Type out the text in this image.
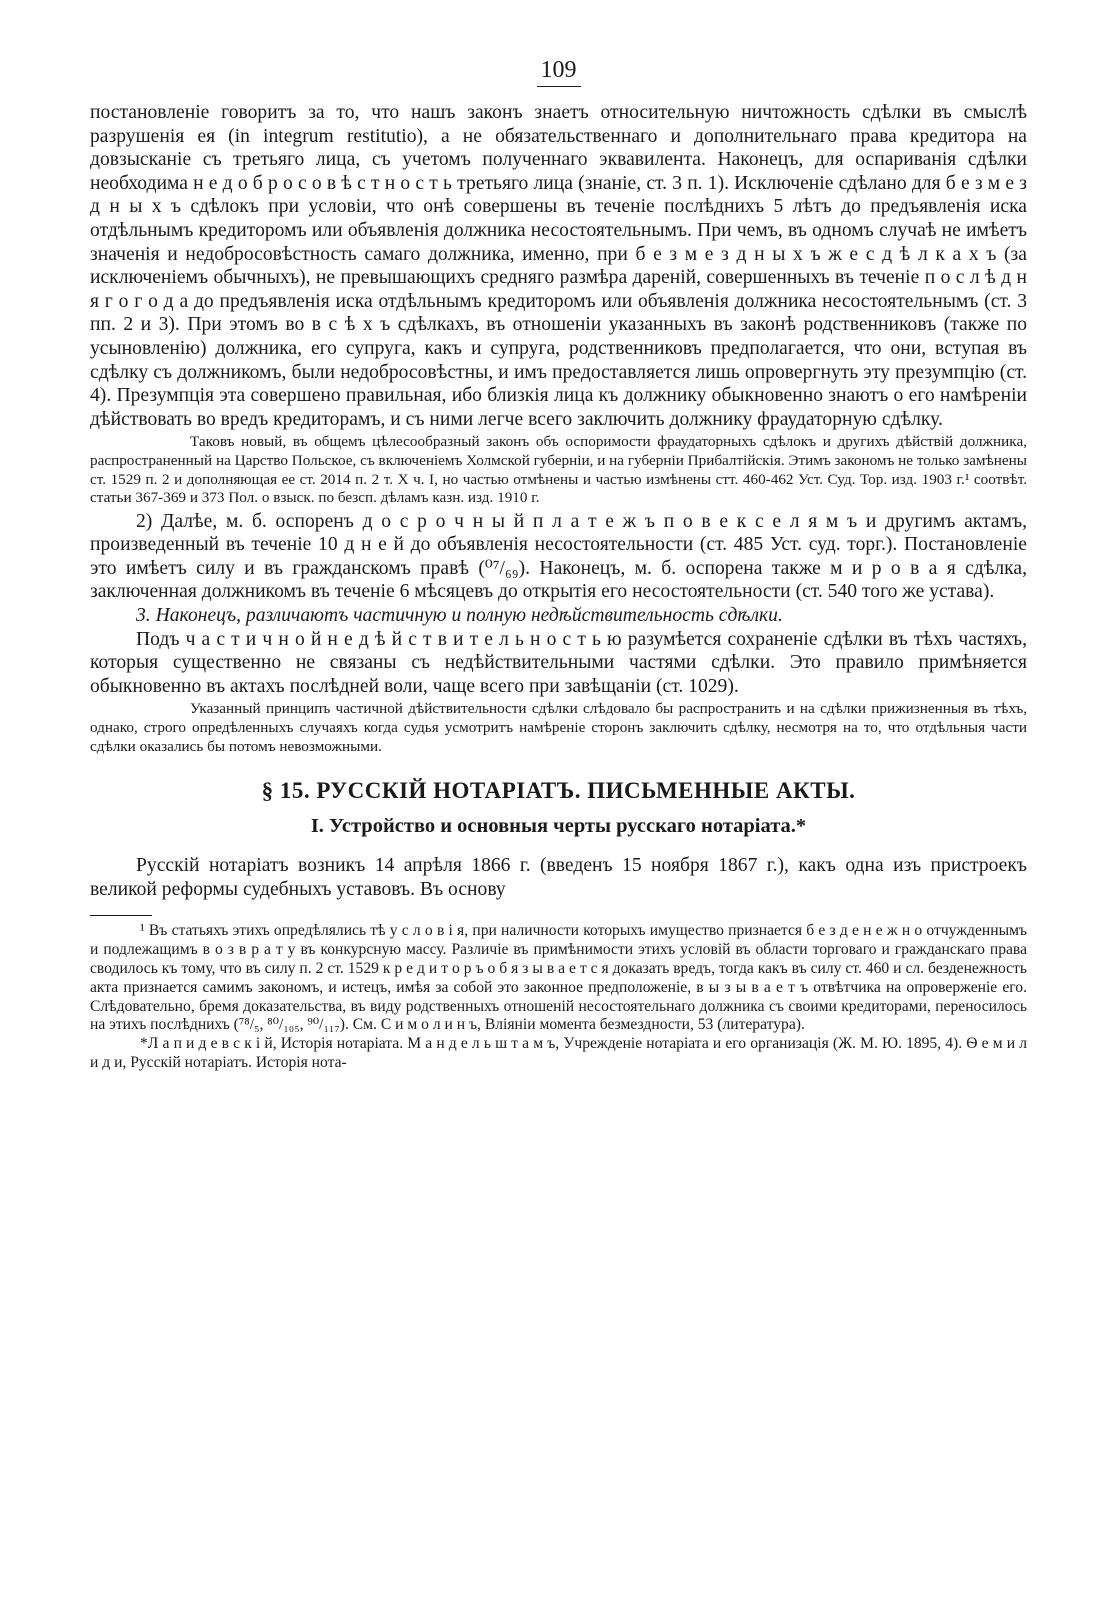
109

постановленіе говоритъ за то, что нашъ законъ знаетъ относительную ничтожность сдѣлки въ смыслѣ разрушенія ея (in integrum restitutio), а не обязательственнаго и дополнительнаго права кредитора на довзысканіе съ третьяго лица, съ учетомъ полученнаго эквавилента. Наконецъ, для оспариванія сдѣлки необходима н е д о б р о с о в ѣ с т н о с т ь третьяго лица (знаніе, ст. 3 п. 1). Исключеніе сдѣлано для б е з м е з д н ы х ъ сдѣлокъ при условіи, что онѣ совершены въ теченіе послѣднихъ 5 лѣтъ до предъявленія иска отдѣльнымъ кредиторомъ или объявленія должника несостоятельнымъ. При чемъ, въ одномъ случаѣ не имѣетъ значенія и недобросовѣстность самаго должника, именно, при б е з м е з д н ы х ъ ж е с д ѣ л к а х ъ (за исключеніемъ обычныхъ), не превышающихъ средняго размѣра дареній, совершенныхъ въ теченіе п о с л ѣ д н я г о г о д а до предъявленія иска отдѣльнымъ кредиторомъ или объявленія должника несостоятельнымъ (ст. 3 пп. 2 и 3). При этомъ во в с ѣ х ъ сдѣлкахъ, въ отношеніи указанныхъ въ законѣ родственниковъ (также по усыновленію) должника, его супруга, какъ и супруга, родственниковъ предполагается, что они, вступая въ сдѣлку съ должникомъ, были недобросовѣстны, и имъ предоставляется лишь опровергнуть эту презумпцію (ст. 4). Презумпція эта совершено правильная, ибо близкія лица къ должнику обыкновенно знаютъ о его намѣреніи дѣйствовать во вредъ кредиторамъ, и съ ними легче всего заключить должнику фраудаторную сдѣлку.

Таковъ новый, въ общемъ цѣлесообразный законъ объ оспоримости фраудаторныхъ сдѣлокъ и другихъ дѣйствій должника, распространенный на Царство Польское, съ включеніемъ Холмской губерніи, и на губерніи Прибалтійскія. Этимъ закономъ не только замѣнены ст. 1529 п. 2 и дополняющая ее ст. 2014 п. 2 т. X ч. I, но частью отмѣнены и частью измѣнены стт. 460-462 Уст. Суд. Тор. изд. 1903 г.¹ соотвѣт. статьи 367-369 и 373 Пол. о взыск. по безсп. дѣламъ казн. изд. 1910 г.

2) Далѣе, м. б. оспоренъ д о с р о ч н ы й п л а т е ж ъ п о в е к с е л я м ъ и другимъ актамъ, произведенный въ теченіе 10 д н е й до объявленія несостоятельности (ст. 485 Уст. суд. торг.). Постановленіе это имѣетъ силу и въ гражданскомъ правѣ (⁰⁷/₆₉). Наконецъ, м. б. оспорена также м и р о в а я сдѣлка, заключенная должникомъ въ теченіе 6 мѣсяцевъ до открытія его несостоятельности (ст. 540 того же устава).

3. Наконецъ, различаютъ частичную и полную недѣйствительность сдѣлки.

Подъ ч а с т и ч н о й н е д ѣ й с т в и т е л ь н о с т ь ю разумѣется сохраненіе сдѣлки въ тѣхъ частяхъ, которыя существенно не связаны съ недѣйствительными частями сдѣлки. Это правило примѣняется обыкновенно въ актахъ послѣдней воли, чаще всего при завѣщаніи (ст. 1029).

Указанный принципъ частичной дѣйствительности сдѣлки слѣдовало бы распространить и на сдѣлки прижизненныя въ тѣхъ, однако, строго опредѣленныхъ случаяхъ когда судья усмотритъ намѣреніе сторонъ заключить сдѣлку, несмотря на то, что отдѣльныя части сдѣлки оказались бы потомъ невозможными.

§ 15. РУССКІЙ НОТАРІАТЪ. ПИСЬМЕННЫЕ АКТЫ.
I. Устройство и основныя черты русскаго нотаріата.*

Русскій нотаріатъ возникъ 14 апрѣля 1866 г. (введенъ 15 ноября 1867 г.), какъ одна изъ пристроекъ великой реформы судебныхъ уставовъ. Въ основу

¹ Въ статьяхъ этихъ опредѣлялись тѣ у с л о в і я, при наличности которыхъ имущество признается б е з д е н е ж н о отчужденнымъ и подлежащимъ в о з в р а т у въ конкурсную массу. Различіе въ примѣнимости этихъ условій въ области торговаго и гражданскаго права сводилось къ тому, что въ силу п. 2 ст. 1529 к р е д и т о р ъ о б я з ы в а е т с я доказать вредъ, тогда какъ въ силу ст. 460 и сл. безденежность акта признается самимъ закономъ, и истецъ, имѣя за собой это законное предположеніе, в ы з ы в а е т ъ отвѣтчика на опроверженіе его. Слѣдовательно, бремя доказательства, въ виду родственныхъ отношеній несостоятельнаго должника съ своими кредиторами, переносилось на этихъ послѣднихъ (⁷⁸/₅, ⁸⁰/₁₀₅, ⁹⁰/₁₁₇). См. С и м о л и н ъ, Вліяніи момента безмездности, 53 (литература).

*Л а п и д е в с к і й, Исторія нотаріата. М а н д е л ь ш т а м ъ, Учрежденіе нотаріата и его организація (Ж. М. Ю. 1895, 4). Ѳ е м и л и д и, Русскій нотаріатъ. Исторія нота-
